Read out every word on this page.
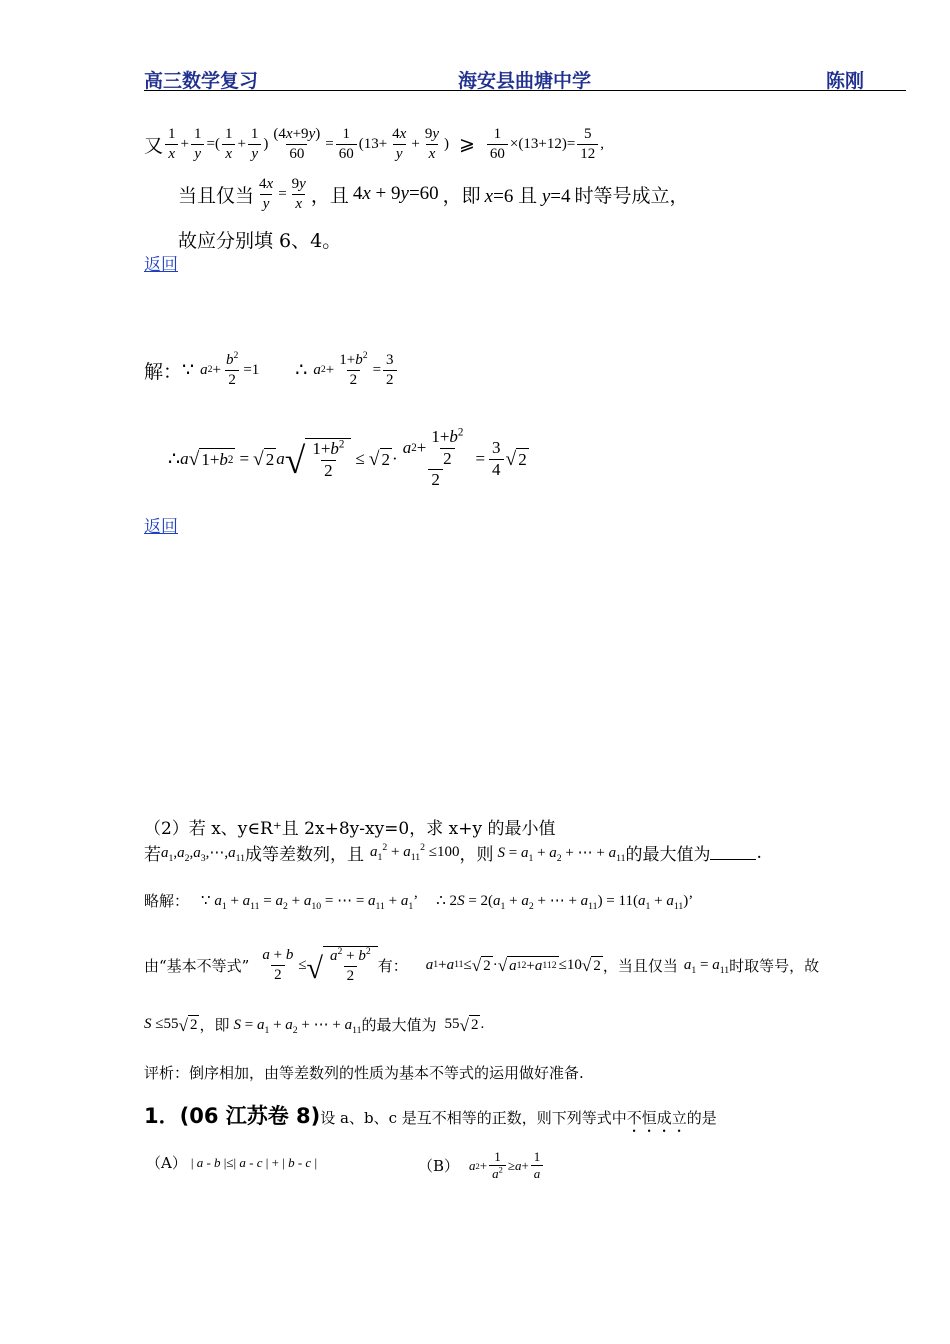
高三数学复习	海安县曲塘中学	陈刚
又 $\frac{1}{x} + \frac{1}{y}$ =( $\frac{1}{x} + \frac{1}{y}$ ) $\frac{(4x+9y)}{60} = \frac{1}{60} (13+ \frac{4x}{y} + \frac{9y}{x}$ ) ⩾ $\frac{1}{60} \times(13+12)= \frac{5}{12}$ ,
当且仅当 $\frac{4x}{y} = \frac{9y}{x}$ ，且 4x + 9y=60 ，即 x=6 且 y=4 时等号成立，
故应分别填 6、4。
返回
解： ∵ a $2 + \frac{b^2}{2} =1$ ∴ a $2 + \frac{1+b^2}{2} = \frac{3}{2}$
∴ a √ 1+ b 2 = √ 2 a √ $\frac{1+b^2}{2}$ ≤ √ $2 \cdot \frac{a 2 + \frac{1+b^2}{2}}{2} = \frac{3}{4}$ √ 2
返回
（2）若 x、y∈R⁺且 2x+8y-xy=0，求 x+y 的最小值
若 $a_1,a_2,a_3,\cdots,a_{11}$ 成等差数列，且 $a_1^2 + a_{11}^2 \le 100$ ，则 $S = a_1 + a_2$ + ⋯ + $a_{11}$ 的最大值为	.
略解： ∵ $a_1 + a_{11} = a_2 + a_{10}$ = ⋯ = $a_{11} + a_1$’ ∴ $2S = 2(a_1 + a_2$ + ⋯ + $a_{11}) = 11(a_1 + a_{11})$’
由“基本不等式” $\frac{a + b}{2}$ ≤ √ $\frac{a^2 + b^2}{2}$ 有： a 1 + a 11 ≤ √ 2 · √ a 1 2 + a 11 2 ≤10 √ 2 ，当且仅当 $a_1 = a_{11}$ 时取等号，故
S ≤55 √ 2 ，即 $S = a_1 + a_2$ + ⋯ + $a_{11}$ 的最大值为 55 √ 2 .
评析：倒序相加，由等差数列的性质为基本不等式的运用做好准备.
1．(06 江苏卷 8) 设 a、b、c 是互不相等的正数，则下列等式中 不恒成立 的是
（A） | a - b |≤| a - c | + | b - c |	（B） a $2 + \frac{1}{a^2} \ge a + \frac{1}{a}$
